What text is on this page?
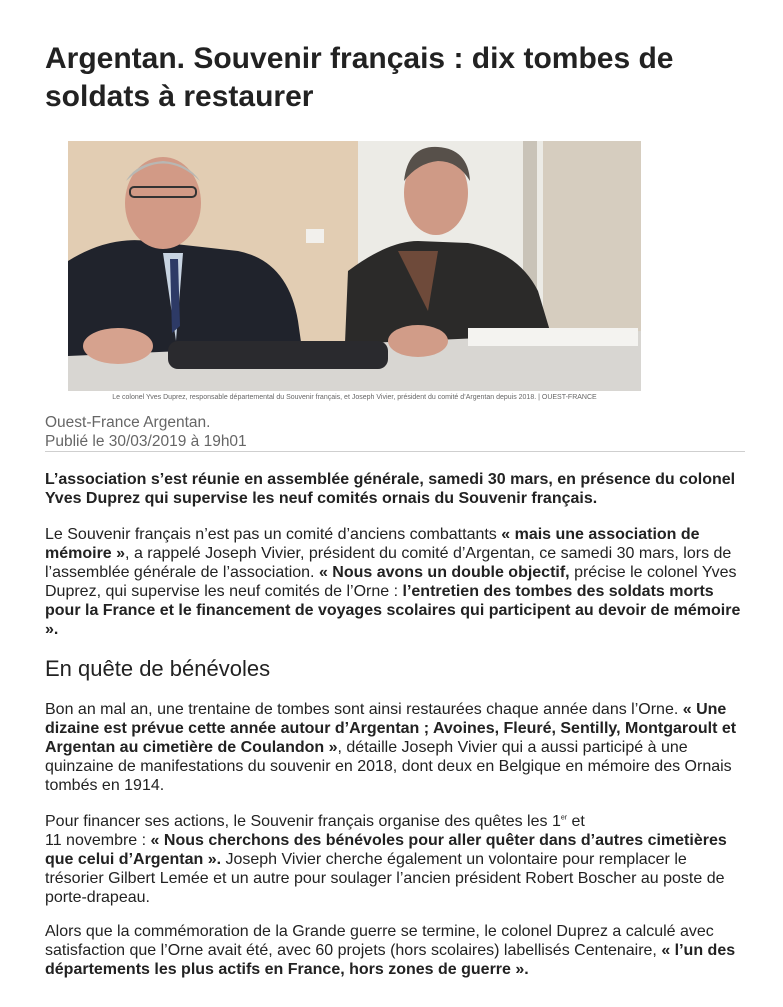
Argentan. Souvenir français : dix tombes de soldats à restaurer
Le colonel Yves Duprez, responsable départemental du Souvenir français, et Joseph Vivier, président du comité d’Argentan depuis 2018. | OUEST-FRANCE
Ouest-France Argentan.
Publié le 30/03/2019 à 19h01

L’association s’est réunie en assemblée générale, samedi 30 mars, en présence du colonel Yves Duprez qui supervise les neuf comités ornais du Souvenir français.

Le Souvenir français n’est pas un comité d’anciens combattants « mais une association de mémoire », a rappelé Joseph Vivier, président du comité d’Argentan, ce samedi 30 mars, lors de l’assemblée générale de l’association. « Nous avons un double objectif, précise le colonel Yves Duprez, qui supervise les neuf comités de l’Orne : l’entretien des tombes des soldats morts pour la France et le financement de voyages scolaires qui participent au devoir de mémoire ».

En quête de bénévoles

Bon an mal an, une trentaine de tombes sont ainsi restaurées chaque année dans l’Orne. « Une dizaine est prévue cette année autour d’Argentan ; Avoines, Fleuré, Sentilly, Montgaroult et Argentan au cimetière de Coulandon », détaille Joseph Vivier qui a aussi participé à une quinzaine de manifestations du souvenir en 2018, dont deux en Belgique en mémoire des Ornais tombés en 1914.

Pour financer ses actions, le Souvenir français organise des quêtes les 1er et
11 novembre : « Nous cherchons des bénévoles pour aller quêter dans d’autres cimetières que celui d’Argentan ». Joseph Vivier cherche également un volontaire pour remplacer le trésorier Gilbert Lemée et un autre pour soulager l’ancien président Robert Boscher au poste de porte-drapeau.

Alors que la commémoration de la Grande guerre se termine, le colonel Duprez a calculé avec satisfaction que l’Orne avait été, avec 60 projets (hors scolaires) labellisés Centenaire, « l’un des départements les plus actifs en France, hors zones de guerre ».
